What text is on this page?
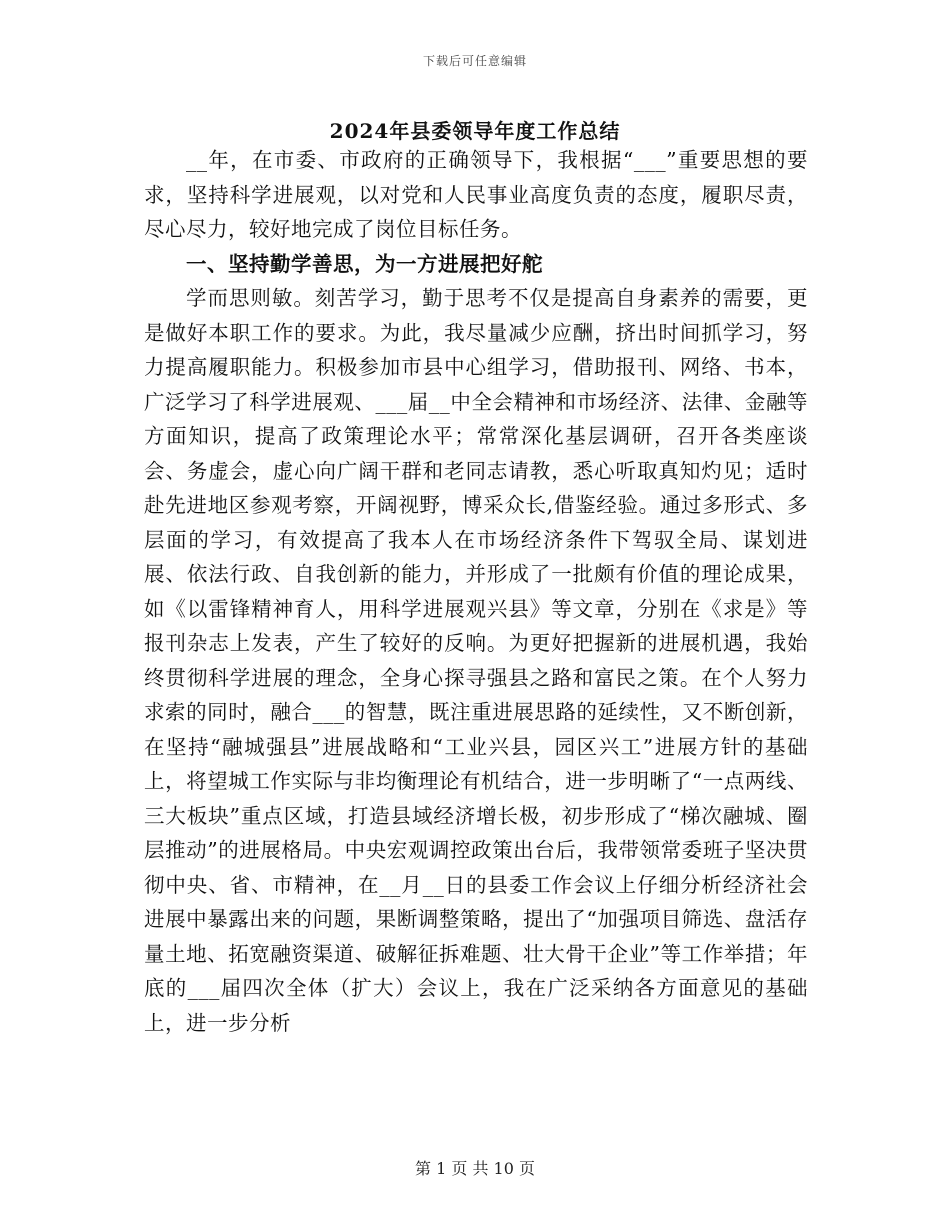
下载后可任意编辑
2024年县委领导年度工作总结

__年，在市委、市政府的正确领导下，我根据“___”重要思想的要求，坚持科学进展观，以对党和人民事业高度负责的态度，履职尽责，尽心尽力，较好地完成了岗位目标任务。

一、坚持勤学善思，为一方进展把好舵

学而思则敏。刻苦学习，勤于思考不仅是提高自身素养的需要，更是做好本职工作的要求。为此，我尽量减少应酬，挤出时间抓学习，努力提高履职能力。积极参加市县中心组学习，借助报刊、网络、书本，广泛学习了科学进展观、___届__中全会精神和市场经济、法律、金融等方面知识，提高了政策理论水平；常常深化基层调研，召开各类座谈会、务虚会，虚心向广阔干群和老同志请教，悉心听取真知灼见；适时赴先进地区参观考察，开阔视野，博采众长,借鉴经验。通过多形式、多层面的学习，有效提高了我本人在市场经济条件下驾驭全局、谋划进展、依法行政、自我创新的能力，并形成了一批颇有价值的理论成果，如《以雷锋精神育人，用科学进展观兴县》等文章，分别在《求是》等报刊杂志上发表，产生了较好的反响。为更好把握新的进展机遇，我始终贯彻科学进展的理念，全身心探寻强县之路和富民之策。在个人努力求索的同时，融合___的智慧，既注重进展思路的延续性，又不断创新，在坚持“融城强县”进展战略和“工业兴县，园区兴工”进展方针的基础上，将望城工作实际与非均衡理论有机结合，进一步明晰了“一点两线、三大板块”重点区域，打造县域经济增长极，初步形成了“梯次融城、圈层推动”的进展格局。中央宏观调控政策出台后，我带领常委班子坚决贯彻中央、省、市精神，在__月__日的县委工作会议上仔细分析经济社会进展中暴露出来的问题，果断调整策略，提出了“加强项目筛选、盘活存量土地、拓宽融资渠道、破解征拆难题、壮大骨干企业”等工作举措；年底的___届四次全体（扩大）会议上，我在广泛采纳各方面意见的基础上，进一步分析

第 1 页 共 10 页
